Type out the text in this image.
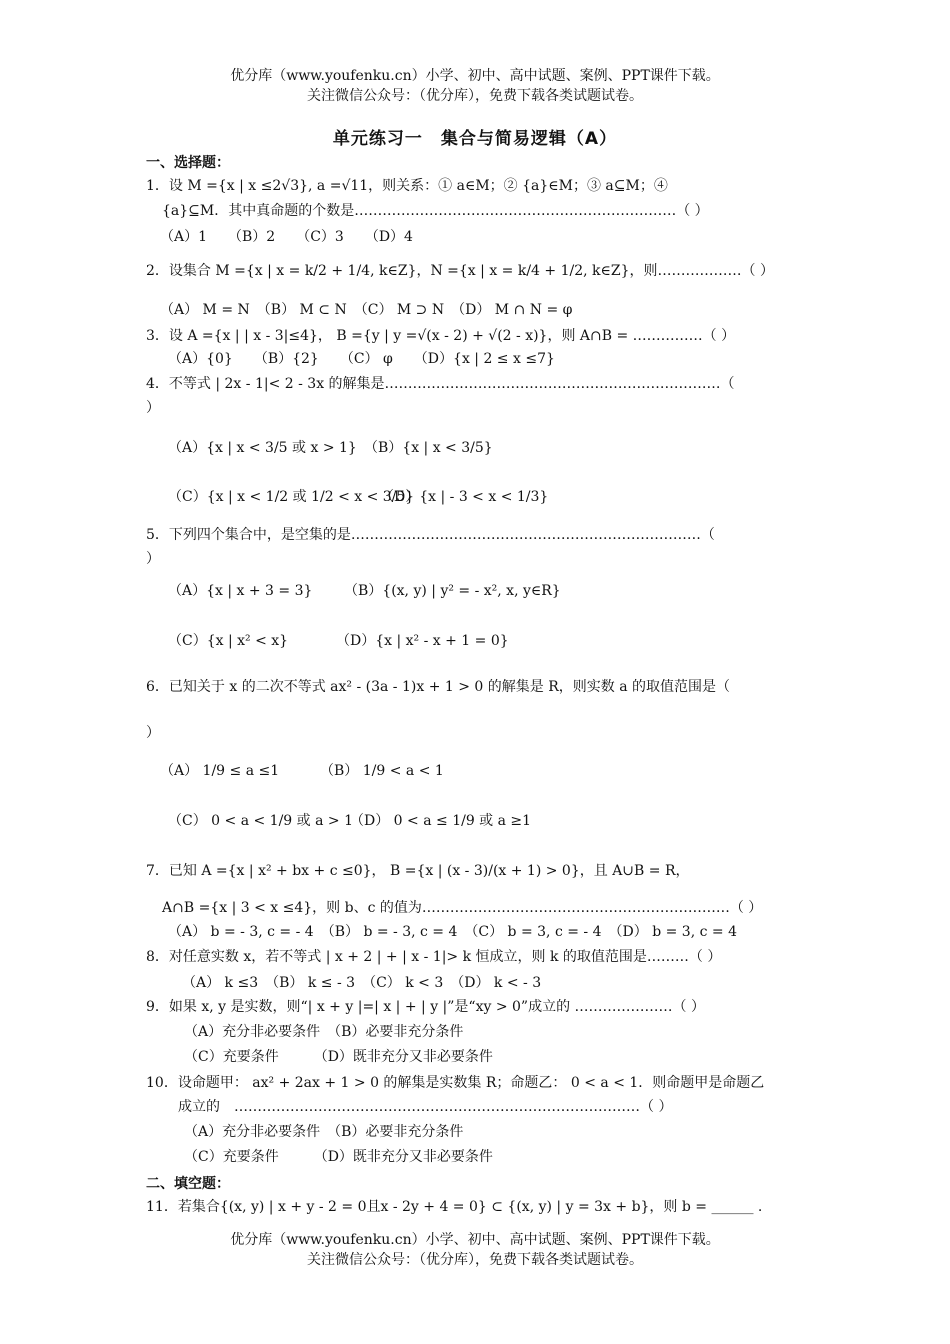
优分库（www.youfenku.cn）小学、初中、高中试题、案例、PPT课件下载。
关注微信公众号：（优分库），免费下载各类试题试卷。
单元练习一　集合与简易逻辑（A）
一、选择题：
1．设 M ={x | x ≤2√3}, a =√11，则关系：① a∈M；② {a}∈M；③ a⊆M；④
{a}⊆M．其中真命题的个数是……………………………………………………………（ ）
（A）1　　（B）2　　（C）3　　（D）4
2．设集合 M ={x | x = k/2 + 1/4, k∈Z}，N ={x | x = k/4 + 1/2, k∈Z}，则………………（ ）
（A） M = N　（B） M ⊂ N　（C） M ⊃ N　（D） M ∩ N = φ
3．设 A ={x | | x - 3|≤4}， B ={y | y =√(x - 2) + √(2 - x)}，则 A∩B = ……………（ ）
（A）{0}　　（B）{2}　　（C） φ　　（D）{x | 2 ≤ x ≤7}
4．不等式 | 2x - 1|< 2 - 3x 的解集是………………………………………………………………（
）
（A）{x | x < 3/5 或 x > 1} （B）{x | x < 3/5}
（C）{x | x < 1/2 或 1/2 < x < 3/5}
（D）{x | - 3 < x < 1/3}
5．下列四个集合中，是空集的是…………………………………………………………………（
）
（A）{x | x + 3 = 3} （B）{(x, y) | y² = - x², x, y∈R}
（C）{x | x² < x}	（D）{x | x² - x + 1 = 0}
6．已知关于 x 的二次不等式 ax² - (3a - 1)x + 1 > 0 的解集是 R，则实数 a 的取值范围是（
）
（A） 1/9 ≤ a ≤1	（B） 1/9 < a < 1
（C） 0 < a < 1/9 或 a > 1
（D） 0 < a ≤ 1/9 或 a ≥1
7．已知 A ={x | x² + bx + c ≤0}， B ={x | (x - 3)/(x + 1) > 0}，且 A∪B = R，
A∩B ={x | 3 < x ≤4}，则 b、c 的值为…………………………………………………………（ ）
（A） b = - 3, c = - 4　（B） b = - 3, c = 4　（C） b = 3, c = - 4　（D） b = 3, c = 4
8．对任意实数 x，若不等式 | x + 2 | + | x - 1|> k 恒成立，则 k 的取值范围是………（ ）
（A） k ≤3　（B） k ≤ - 3　（C） k < 3　（D） k < - 3
9．如果 x, y 是实数，则“| x + y |=| x | + | y |”是“xy > 0”成立的 …………………（ ）
（A）充分非必要条件　（B）必要非充分条件
（C）充要条件　　　（D）既非充分又非必要条件
10．设命题甲： ax² + 2ax + 1 > 0 的解集是实数集 R；命题乙： 0 < a < 1．则命题甲是命题乙
成立的　……………………………………………………………………………（ ）
（A）充分非必要条件　（B）必要非充分条件
（C）充要条件　　　（D）既非充分又非必要条件
二、填空题：
11．若集合{(x, y) | x + y - 2 = 0且x - 2y + 4 = 0} ⊂ {(x, y) | y = 3x + b}，则 b = ______ .
优分库（www.youfenku.cn）小学、初中、高中试题、案例、PPT课件下载。
关注微信公众号：（优分库），免费下载各类试题试卷。
